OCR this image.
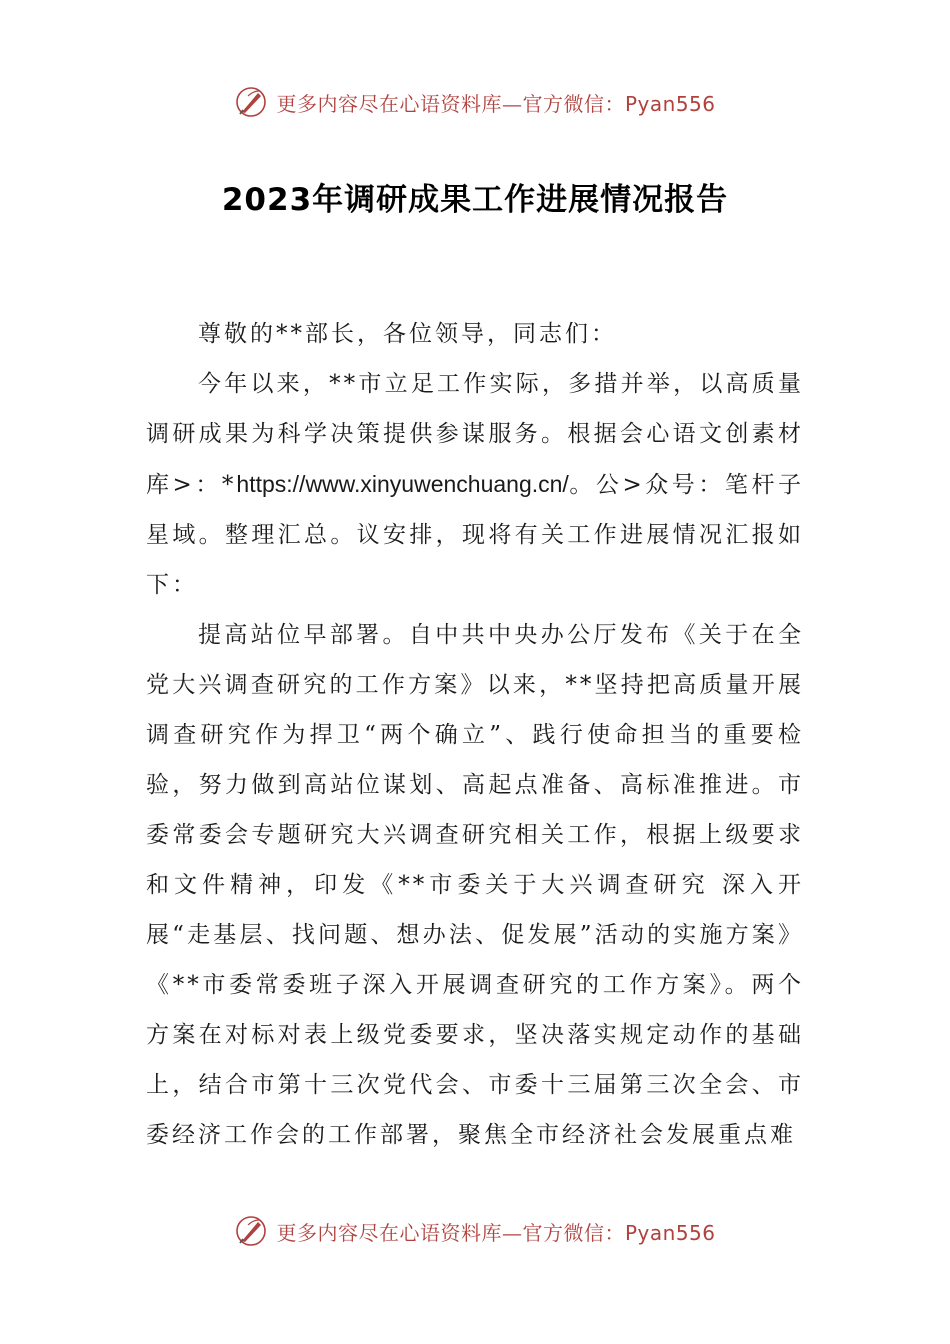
更多内容尽在心语资料库—官方微信：Pyan556
2023年调研成果工作进展情况报告

尊敬的**部长，各位领导，同志们：

今年以来，**市立足工作实际，多措并举，以高质量调研成果为科学决策提供参谋服务。根据会心语文创素材库>：*https://www.xinyuwenchuang.cn/。公>众号：笔杆子星域。整理汇总。议安排，现将有关工作进展情况汇报如下：

提高站位早部署。自中共中央办公厅发布《关于在全党大兴调查研究的工作方案》以来，**坚持把高质量开展调查研究作为捍卫“两个确立”、践行使命担当的重要检验，努力做到高站位谋划、高起点准备、高标准推进。市委常委会专题研究大兴调查研究相关工作，根据上级要求和文件精神，印发《**市委关于大兴调查研究 深入开展“走基层、找问题、想办法、促发展”活动的实施方案》《**市委常委班子深入开展调查研究的工作方案》。两个方案在对标对表上级党委要求，坚决落实规定动作的基础上，结合市第十三次党代会、市委十三届第三次全会、市委经济工作会的工作部署，聚焦全市经济社会发展重点难

更多内容尽在心语资料库—官方微信：Pyan556
